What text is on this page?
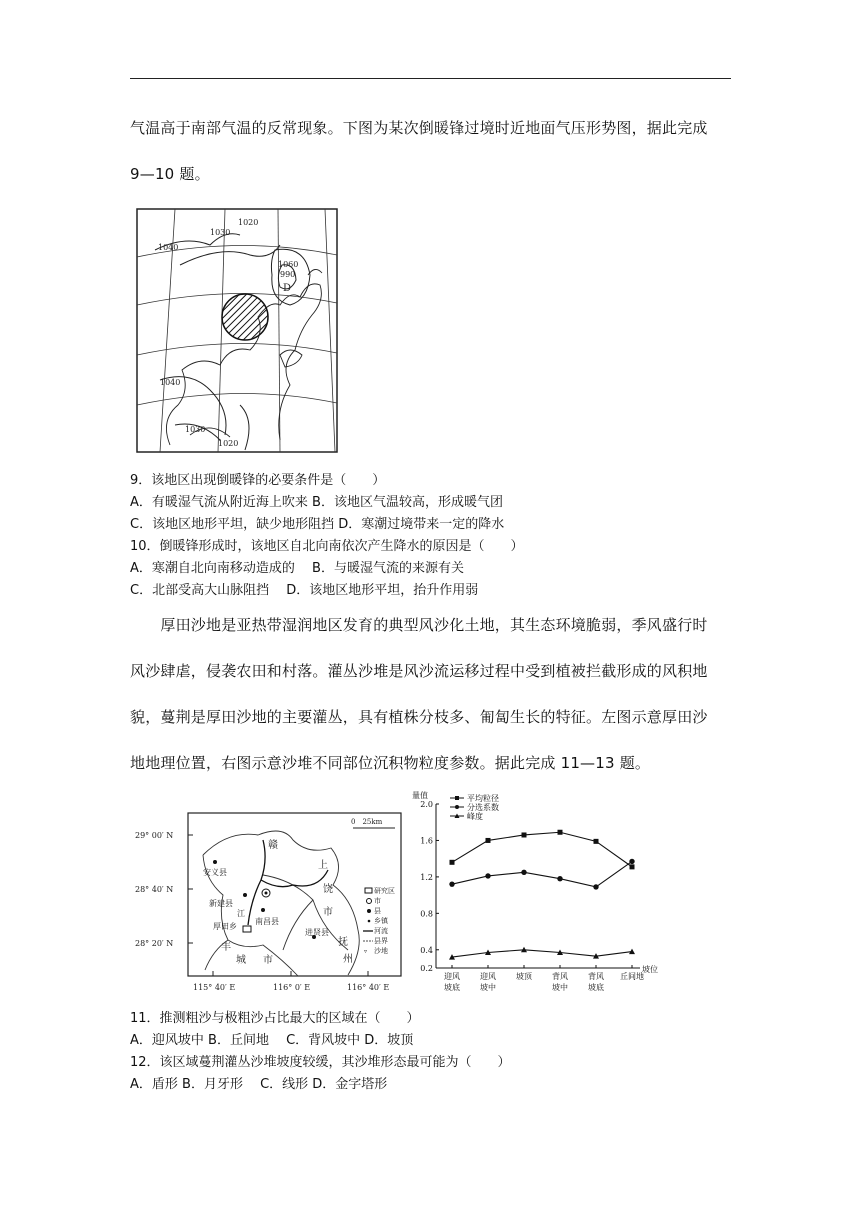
气温高于南部气温的反常现象。下图为某次倒暖锋过境时近地面气压形势图，据此完成
9—10 题。
1040
1030
1020
1060
990
D
1040
1030
1020
9．该地区出现倒暖锋的必要条件是（　　）
A．有暖湿气流从附近海上吹来 B．该地区气温较高，形成暖气团
C．该地区地形平坦，缺少地形阻挡 D．寒潮过境带来一定的降水
10．倒暖锋形成时，该地区自北向南依次产生降水的原因是（　　）
A．寒潮自北向南移动造成的　 B．与暖湿气流的来源有关
C．北部受高大山脉阻挡　 D．该地区地形平坦，抬升作用弱
　　厚田沙地是亚热带湿润地区发育的典型风沙化土地，其生态环境脆弱，季风盛行时
风沙肆虐，侵袭农田和村落。灌丛沙堆是风沙流运移过程中受到植被拦截形成的风积地
貌，蔓荆是厚田沙地的主要灌丛，具有植株分枝多、匍匐生长的特征。左图示意厚田沙
地地理位置，右图示意沙堆不同部位沉积物粒度参数。据此完成 11—13 题。
29° 00′ N
28° 40′ N
28° 20′ N
115° 40′ E	116° 0′ E	116° 40′ E
0　25km
安义县
新建县
厚田乡
南昌县
江
进贤县
赣
上
饶
市
抚
州
丰
城 市
研究区
市
县
乡镇
河流
县界
▿ 沙地
量值
坡位
2.0
1.6
1.2
0.8
0.4
0.2
迎风
坡底
迎风
坡中
坡顶	背风
坡中
背风
坡底
丘间地
平均粒径
分选系数
峰度
11．推测粗沙与极粗沙占比最大的区域在（　　）
A．迎风坡中 B．丘间地　 C．背风坡中 D．坡顶
12．该区域蔓荆灌丛沙堆坡度较缓，其沙堆形态最可能为（　　）
A．盾形 B．月牙形　 C．线形 D．金字塔形
